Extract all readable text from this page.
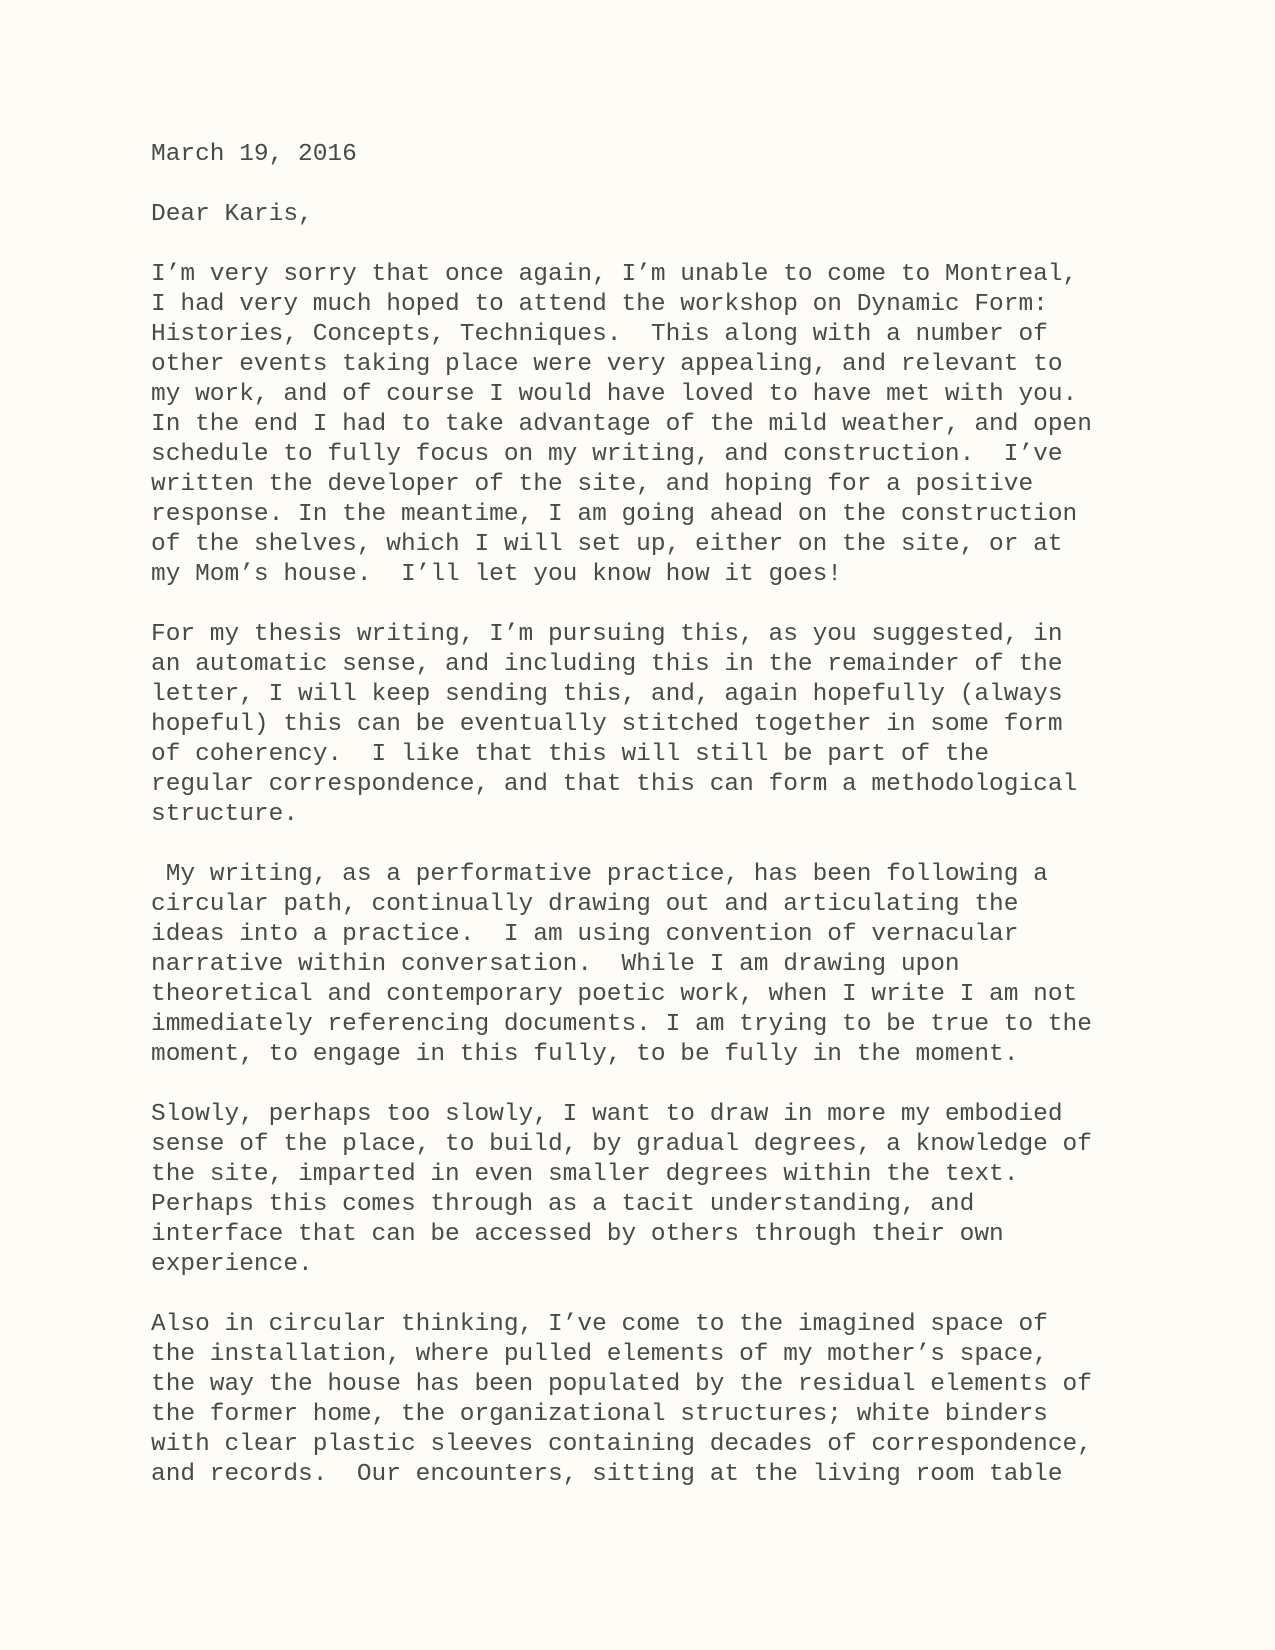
March 19, 2016
Dear Karis,
I’m very sorry that once again, I’m unable to come to Montreal,
I had very much hoped to attend the workshop on Dynamic Form:
Histories, Concepts, Techniques.  This along with a number of
other events taking place were very appealing, and relevant to
my work, and of course I would have loved to have met with you.
In the end I had to take advantage of the mild weather, and open
schedule to fully focus on my writing, and construction.  I’ve
written the developer of the site, and hoping for a positive
response. In the meantime, I am going ahead on the construction
of the shelves, which I will set up, either on the site, or at
my Mom’s house.  I’ll let you know how it goes!
For my thesis writing, I’m pursuing this, as you suggested, in
an automatic sense, and including this in the remainder of the
letter, I will keep sending this, and, again hopefully (always
hopeful) this can be eventually stitched together in some form
of coherency.  I like that this will still be part of the
regular correspondence, and that this can form a methodological
structure.
My writing, as a performative practice, has been following a
circular path, continually drawing out and articulating the
ideas into a practice.  I am using convention of vernacular
narrative within conversation.  While I am drawing upon
theoretical and contemporary poetic work, when I write I am not
immediately referencing documents. I am trying to be true to the
moment, to engage in this fully, to be fully in the moment.
Slowly, perhaps too slowly, I want to draw in more my embodied
sense of the place, to build, by gradual degrees, a knowledge of
the site, imparted in even smaller degrees within the text.
Perhaps this comes through as a tacit understanding, and
interface that can be accessed by others through their own
experience.
Also in circular thinking, I’ve come to the imagined space of
the installation, where pulled elements of my mother’s space,
the way the house has been populated by the residual elements of
the former home, the organizational structures; white binders
with clear plastic sleeves containing decades of correspondence,
and records.  Our encounters, sitting at the living room table
